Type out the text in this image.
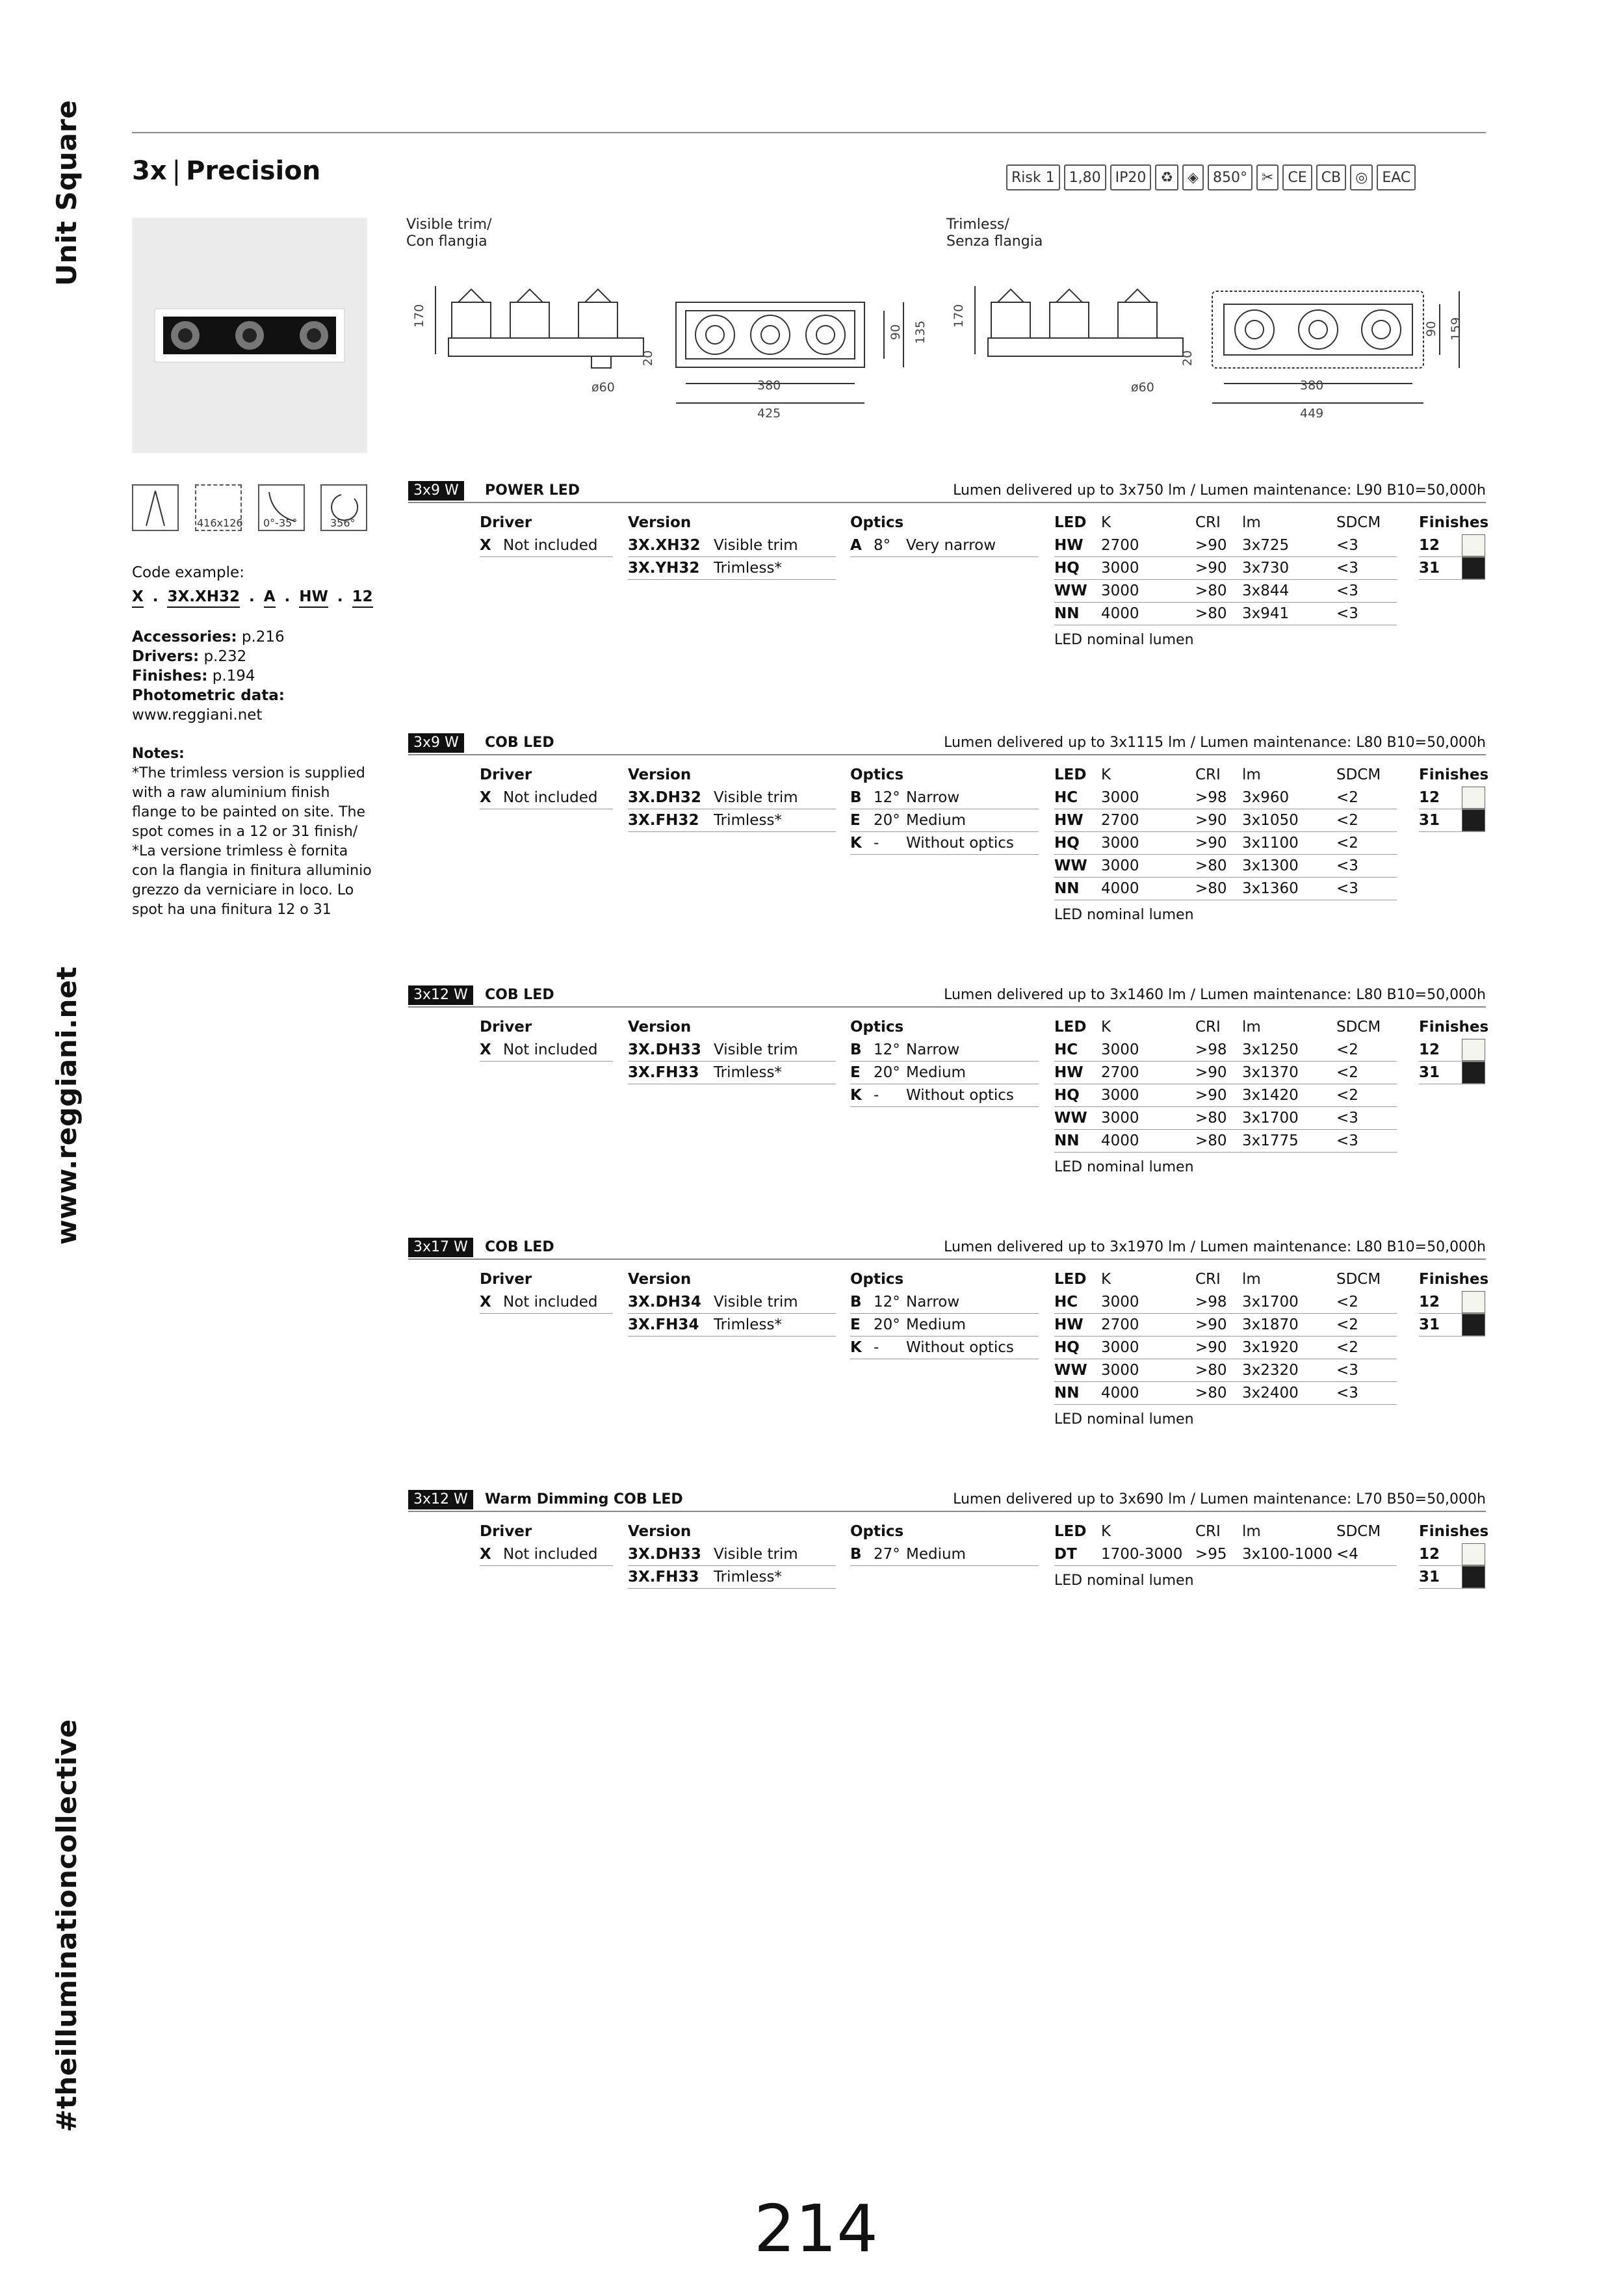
Unit Square
www.reggiani.net
#theilluminationcollective
3x | Precision	Risk 1	1,80	IP20	♻	◈	850°	✂	CE	CB	◎	EAC
Visible trim/
Con flangia
Trimless/
Senza flangia
170
ø60
20
380
425
90 135
170
ø60
20
380
449
90 159
416x126 0°-35°	356°
Code example:
X . 3X.XH32 . A . HW . 12
Accessories: p.216
Drivers: p.232
Finishes: p.194
Photometric data:
www.reggiani.net
Notes:
*The trimless version is supplied with a raw aluminium finish flange to be painted on site. The spot comes in a 12 or 31 finish/ *La versione trimless è fornita con la flangia in finitura alluminio grezzo da verniciare in loco. Lo spot ha una finitura 12 o 31
3x9 W	POWER LED	Lumen delivered up to 3x750 lm / Lumen maintenance: L90 B10=50,000h
Driver
X Not included
Version
3X.XH32 Visible trim
3X.YH32 Trimless*
Optics
A 8° Very narrow
LED K	CRI lm	SDCM
HW 2700	>90 3x725	<3
HQ 3000	>90 3x730	<3
WW 3000	>80 3x844	<3
NN 4000	>80 3x941	<3
LED nominal lumen
Finishes
12
31
3x9 W	COB LED	Lumen delivered up to 3x1115 lm / Lumen maintenance: L80 B10=50,000h
Driver
X Not included
Version
3X.DH32 Visible trim
3X.FH32 Trimless*
Optics
B 12° Narrow
E 20° Medium
K - Without optics
LED K	CRI lm	SDCM
HC 3000	>98 3x960	<2
HW 2700	>90 3x1050	<2
HQ 3000	>90 3x1100	<2
WW 3000	>80 3x1300	<3
NN 4000	>80 3x1360	<3
LED nominal lumen
Finishes
12
31
3x12 W	COB LED	Lumen delivered up to 3x1460 lm / Lumen maintenance: L80 B10=50,000h
Driver
X Not included
Version
3X.DH33 Visible trim
3X.FH33 Trimless*
Optics
B 12° Narrow
E 20° Medium
K - Without optics
LED K	CRI lm	SDCM
HC 3000	>98 3x1250	<2
HW 2700	>90 3x1370	<2
HQ 3000	>90 3x1420	<2
WW 3000	>80 3x1700	<3
NN 4000	>80 3x1775	<3
LED nominal lumen
Finishes
12
31
3x17 W	COB LED	Lumen delivered up to 3x1970 lm / Lumen maintenance: L80 B10=50,000h
Driver
X Not included
Version
3X.DH34 Visible trim
3X.FH34 Trimless*
Optics
B 12° Narrow
E 20° Medium
K - Without optics
LED K	CRI lm	SDCM
HC 3000	>98 3x1700	<2
HW 2700	>90 3x1870	<2
HQ 3000	>90 3x1920	<2
WW 3000	>80 3x2320	<3
NN 4000	>80 3x2400	<3
LED nominal lumen
Finishes
12
31
3x12 W	Warm Dimming COB LED	Lumen delivered up to 3x690 lm / Lumen maintenance: L70 B50=50,000h
Driver
X Not included
Version
3X.DH33 Visible trim
3X.FH33 Trimless*
Optics
B 27° Medium
LED K	CRI lm	SDCM
DT 1700-3000 >95 3x100-1000 <4
LED nominal lumen
Finishes
12
31
214
